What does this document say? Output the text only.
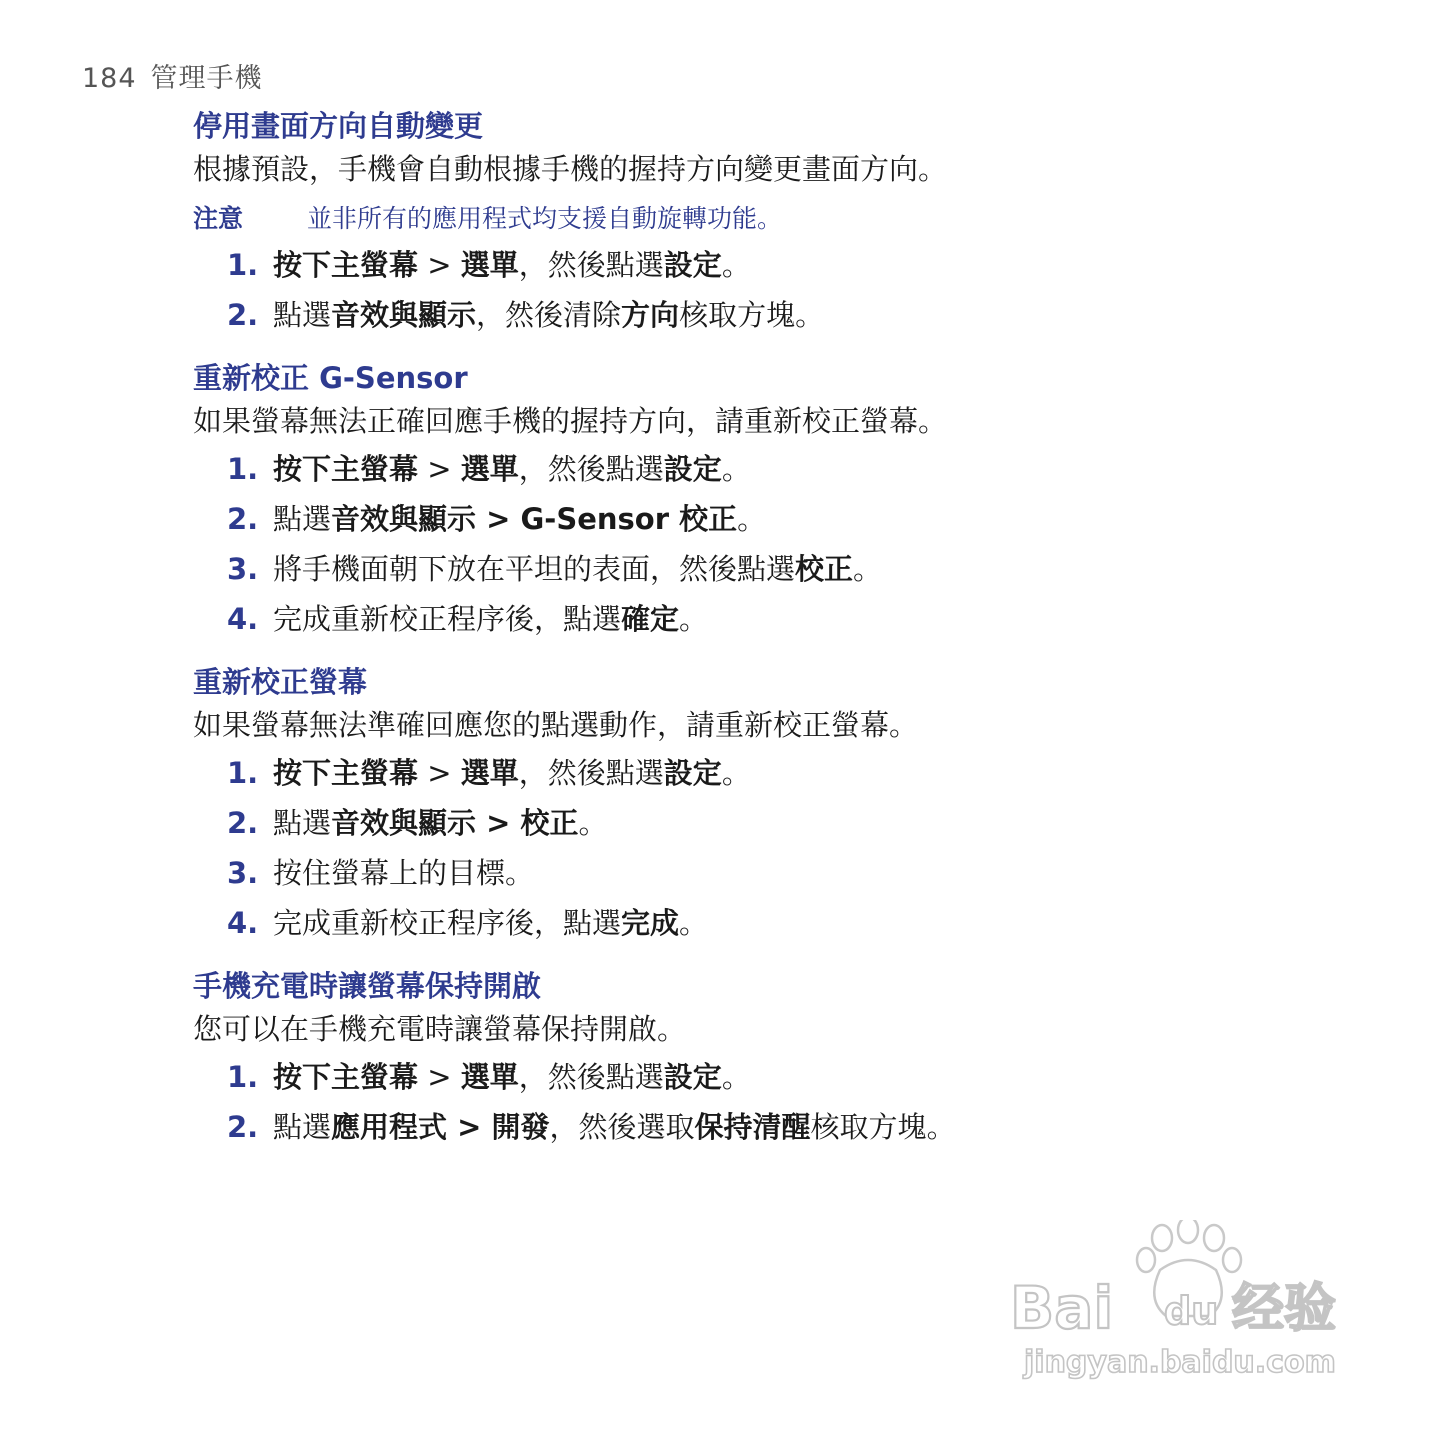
184 管理手機
停用畫面方向自動變更

根據預設，手機會自動根據手機的握持方向變更畫面方向。

注意	並非所有的應用程式均支援自動旋轉功能。

1. 按下主螢幕 > 選單，然後點選設定。
2. 點選音效與顯示，然後清除方向核取方塊。
重新校正 G-Sensor

如果螢幕無法正確回應手機的握持方向，請重新校正螢幕。

1. 按下主螢幕 > 選單，然後點選設定。
2. 點選音效與顯示 > G-Sensor 校正。
3. 將手機面朝下放在平坦的表面，然後點選校正。
4. 完成重新校正程序後，點選確定。
重新校正螢幕

如果螢幕無法準確回應您的點選動作，請重新校正螢幕。

1. 按下主螢幕 > 選單，然後點選設定。
2. 點選音效與顯示 > 校正。
3. 按住螢幕上的目標。
4. 完成重新校正程序後，點選完成。
手機充電時讓螢幕保持開啟

您可以在手機充電時讓螢幕保持開啟。

1. 按下主螢幕 > 選單，然後點選設定。
2. 點選應用程式 > 開發，然後選取保持清醒核取方塊。
Bai du 经验
jingyan.baidu.com
